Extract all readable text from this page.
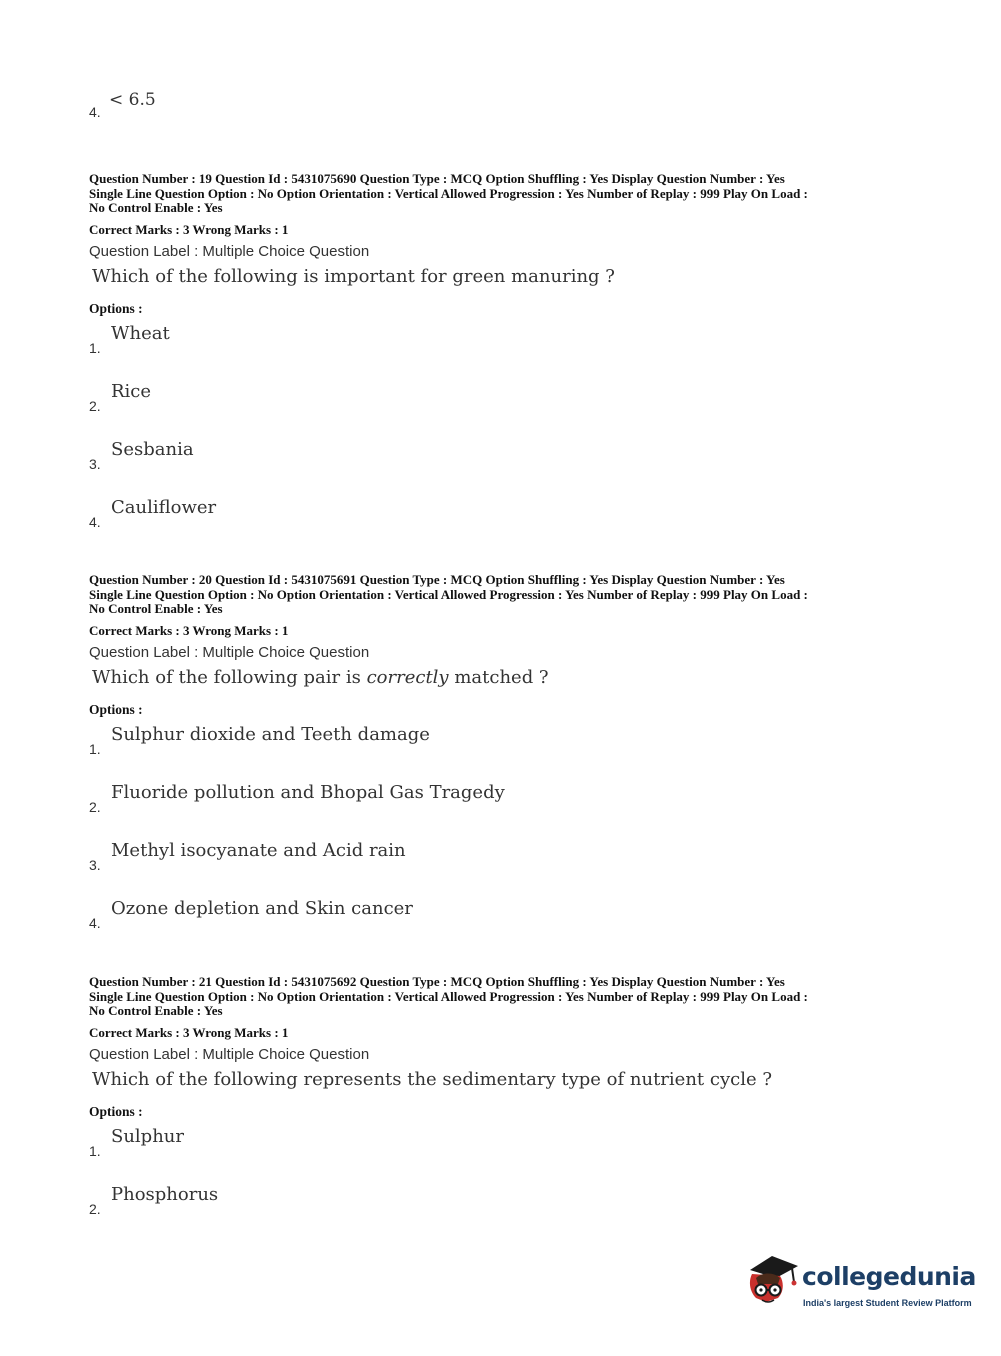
4.
< 6.5
Question Number : 19 Question Id : 5431075690 Question Type : MCQ Option Shuffling : Yes Display Question Number : Yes
Single Line Question Option : No Option Orientation : Vertical Allowed Progression : Yes Number of Replay : 999 Play On Load :
No Control Enable : Yes
Correct Marks : 3 Wrong Marks : 1
Question Label : Multiple Choice Question
Which of the following is important for green manuring ?
Options :
1.
Wheat
2.
Rice
3.
Sesbania
4.
Cauliflower
Question Number : 20 Question Id : 5431075691 Question Type : MCQ Option Shuffling : Yes Display Question Number : Yes
Single Line Question Option : No Option Orientation : Vertical Allowed Progression : Yes Number of Replay : 999 Play On Load :
No Control Enable : Yes
Correct Marks : 3 Wrong Marks : 1
Question Label : Multiple Choice Question
Which of the following pair is correctly matched ?
Options :
1.
Sulphur dioxide and Teeth damage
2.
Fluoride pollution and Bhopal Gas Tragedy
3.
Methyl isocyanate and Acid rain
4.
Ozone depletion and Skin cancer
Question Number : 21 Question Id : 5431075692 Question Type : MCQ Option Shuffling : Yes Display Question Number : Yes
Single Line Question Option : No Option Orientation : Vertical Allowed Progression : Yes Number of Replay : 999 Play On Load :
No Control Enable : Yes
Correct Marks : 3 Wrong Marks : 1
Question Label : Multiple Choice Question
Which of the following represents the sedimentary type of nutrient cycle ?
Options :
1.
Sulphur
2.
Phosphorus
collegedunia
India's largest Student Review Platform
